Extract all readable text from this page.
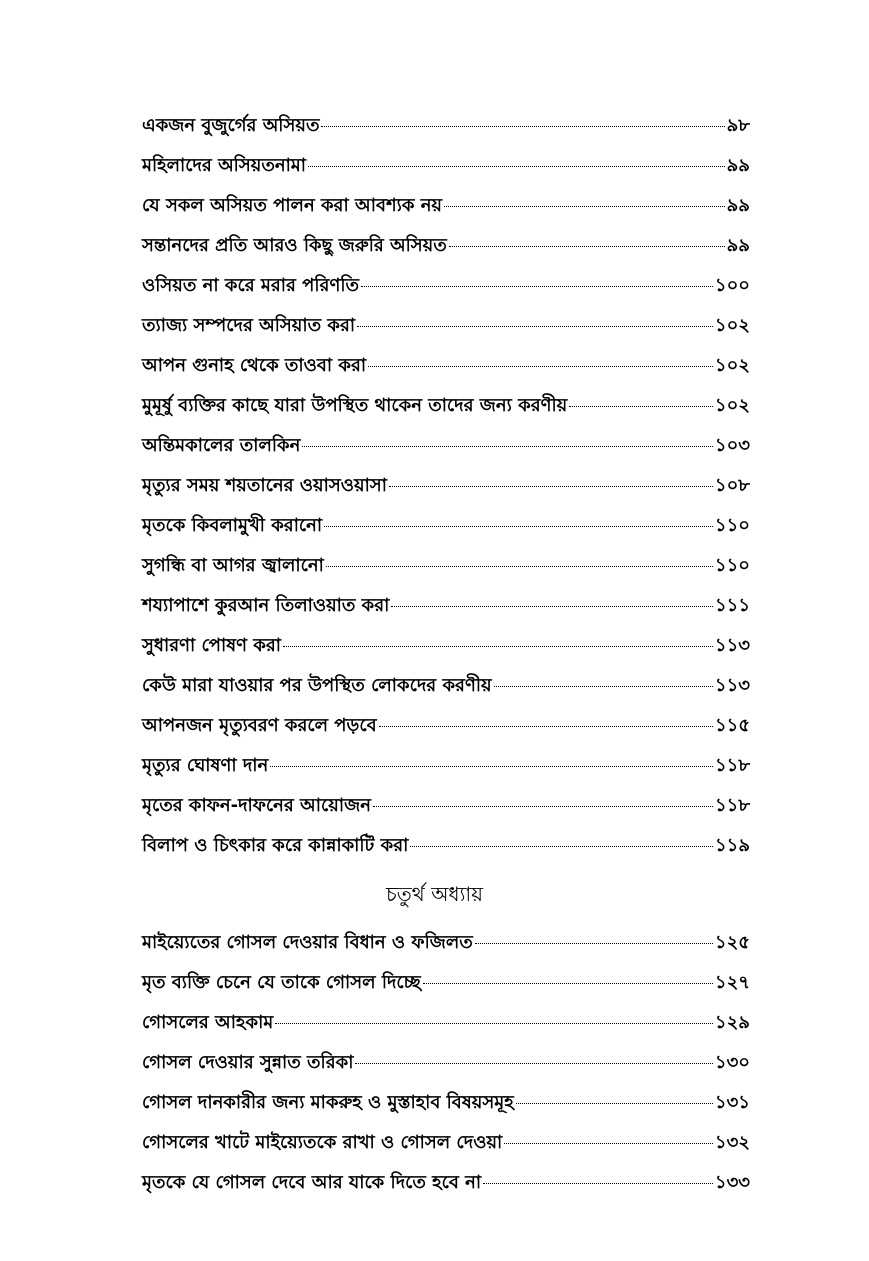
একজন বুজুর্গের অসিয়ত	৯৮
মহিলাদের অসিয়তনামা	৯৯
যে সকল অসিয়ত পালন করা আবশ্যক নয়	৯৯
সন্তানদের প্রতি আরও কিছু জরুরি অসিয়ত	৯৯
ওসিয়ত না করে মরার পরিণতি	১০০
ত্যাজ্য সম্পদের অসিয়াত করা	১০২
আপন গুনাহ থেকে তাওবা করা	১০২
মুমূর্ষু ব্যক্তির কাছে যারা উপস্থিত থাকেন তাদের জন্য করণীয়	১০২
অন্তিমকালের তালকিন	১০৩
মৃত্যুর সময় শয়তানের ওয়াসওয়াসা	১০৮
মৃতকে কিবলামুখী করানো	১১০
সুগন্ধি বা আগর জ্বালানো	১১০
শয্যাপাশে কুরআন তিলাওয়াত করা	১১১
সুধারণা পোষণ করা	১১৩
কেউ মারা যাওয়ার পর উপস্থিত লোকদের করণীয়	১১৩
আপনজন মৃত্যুবরণ করলে পড়বে	১১৫
মৃত্যুর ঘোষণা দান	১১৮
মৃতের কাফন-দাফনের আয়োজন	১১৮
বিলাপ ও চিৎকার করে কান্নাকাটি করা	১১৯
চতুর্থ অধ্যায়
মাইয়্যেতের গোসল দেওয়ার বিধান ও ফজিলত	১২৫
মৃত ব্যক্তি চেনে যে তাকে গোসল দিচ্ছে	১২৭
গোসলের আহকাম	১২৯
গোসল দেওয়ার সুন্নাত তরিকা	১৩০
গোসল দানকারীর জন্য মাকরুহ ও মুস্তাহাব বিষয়সমূহ	১৩১
গোসলের খাটে মাইয়্যেতকে রাখা ও গোসল দেওয়া	১৩২
মৃতকে যে গোসল দেবে আর যাকে দিতে হবে না	১৩৩
